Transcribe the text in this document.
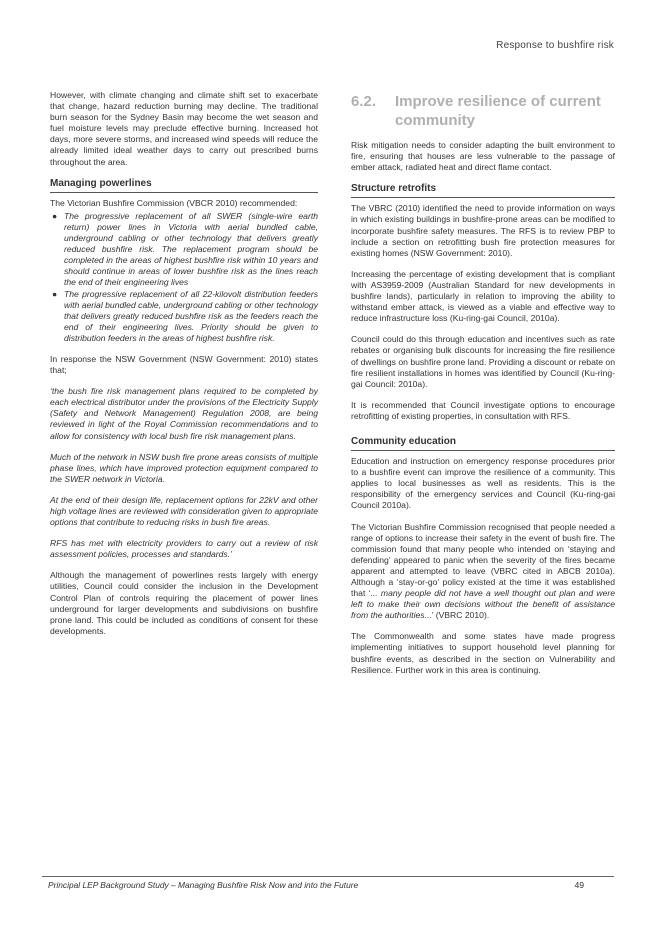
Response to bushfire risk

However, with climate changing and climate shift set to exacerbate that change, hazard reduction burning may decline. The traditional burn season for the Sydney Basin may become the wet season and fuel moisture levels may preclude effective burning. Increased hot days, more severe storms, and increased wind speeds will reduce the already limited ideal weather days to carry out prescribed burns throughout the area.

Managing powerlines

The Victorian Bushfire Commission (VBCR 2010) recommended:

● The progressive replacement of all SWER (single-wire earth return) power lines in Victoria with aerial bundled cable, underground cabling or other technology that delivers greatly reduced bushfire risk. The replacement program should be completed in the areas of highest bushfire risk within 10 years and should continue in areas of lower bushfire risk as the lines reach the end of their engineering lives
● The progressive replacement of all 22-kilovolt distribution feeders with aerial bundled cable, underground cabling or other technology that delivers greatly reduced bushfire risk as the feeders reach the end of their engineering lives. Priority should be given to distribution feeders in the areas of highest bushfire risk.

In response the NSW Government (NSW Government: 2010) states that;

‘the bush fire risk management plans required to be completed by each electrical distributor under the provisions of the Electricity Supply (Safety and Network Management) Regulation 2008, are being reviewed in light of the Royal Commission recommendations and to allow for consistency with local bush fire risk management plans.

Much of the network in NSW bush fire prone areas consists of multiple phase lines, which have improved protection equipment compared to the SWER network in Victoria.

At the end of their design life, replacement options for 22kV and other high voltage lines are reviewed with consideration given to appropriate options that contribute to reducing risks in bush fire areas.

RFS has met with electricity providers to carry out a review of risk assessment policies, processes and standards.’

Although the management of powerlines rests largely with energy utilities, Council could consider the inclusion in the Development Control Plan of controls requiring the placement of power lines underground for larger developments and subdivisions on bushfire prone land. This could be included as conditions of consent for these developments.

6.2.	Improve resilience of current community

Risk mitigation needs to consider adapting the built environment to fire, ensuring that houses are less vulnerable to the passage of ember attack, radiated heat and direct flame contact.

Structure retrofits

The VBRC (2010) identified the need to provide information on ways in which existing buildings in bushfire-prone areas can be modified to incorporate bushfire safety measures. The RFS is to review PBP to include a section on retrofitting bush fire protection measures for existing homes (NSW Government: 2010).

Increasing the percentage of existing development that is compliant with AS3959-2009 (Australian Standard for new developments in bushfire lands), particularly in relation to improving the ability to withstand ember attack, is viewed as a viable and effective way to reduce infrastructure loss (Ku-ring-gai Council, 2010a).

Council could do this through education and incentives such as rate rebates or organising bulk discounts for increasing the fire resilience of dwellings on bushfire prone land. Providing a discount or rebate on fire resilient installations in homes was identified by Council (Ku-ring-gai Council: 2010a).

It is recommended that Council investigate options to encourage retrofitting of existing properties, in consultation with RFS.

Community education

Education and instruction on emergency response procedures prior to a bushfire event can improve the resilience of a community. This applies to local businesses as well as residents. This is the responsibility of the emergency services and Council (Ku-ring-gai Council 2010a).

The Victorian Bushfire Commission recognised that people needed a range of options to increase their safety in the event of bush fire. The commission found that many people who intended on ‘staying and defending’ appeared to panic when the severity of the fires became apparent and attempted to leave (VBRC cited in ABCB 2010a). Although a ‘stay-or-go’ policy existed at the time it was established that ‘... many people did not have a well thought out plan and were left to make their own decisions without the benefit of assistance from the authorities...’ (VBRC 2010).

The Commonwealth and some states have made progress implementing initiatives to support household level planning for bushfire events, as described in the section on Vulnerability and Resilience. Further work in this area is continuing.

Principal LEP Background Study – Managing Bushfire Risk Now and into the Future	49
